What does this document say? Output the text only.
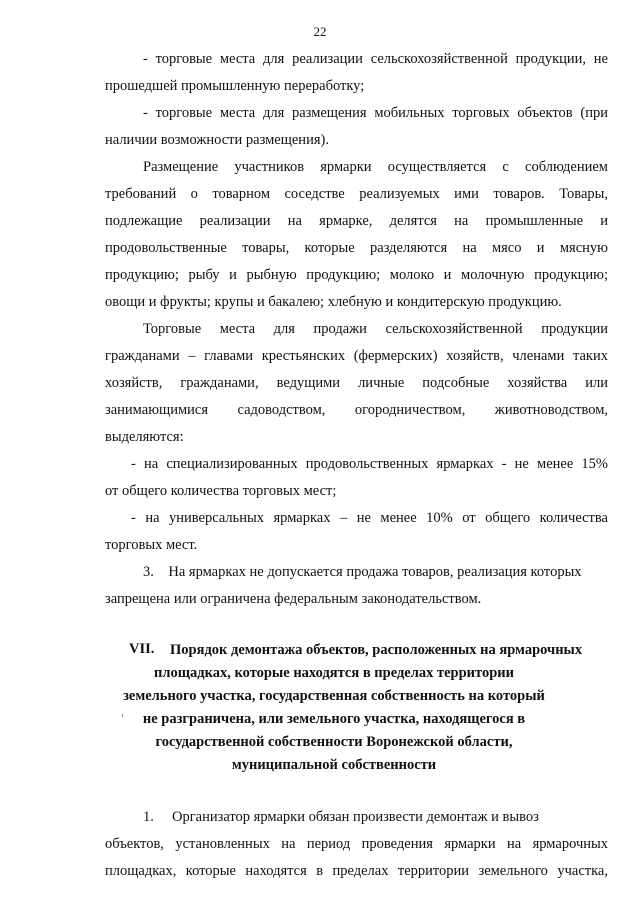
22
- торговые места для реализации сельскохозяйственной продукции, не
прошедшей промышленную переработку;
- торговые места для размещения мобильных торговых объектов (при
наличии возможности размещения).
Размещение участников ярмарки осуществляется с соблюдением
требований о товарном соседстве реализуемых ими товаров. Товары,
подлежащие реализации на ярмарке, делятся на промышленные и
продовольственные товары, которые разделяются на мясо и мясную
продукцию; рыбу и рыбную продукцию; молоко и молочную продукцию;
овощи и фрукты; крупы и бакалею; хлебную и кондитерскую продукцию.
Торговые места для продажи сельскохозяйственной продукции
гражданами – главами крестьянских (фермерских) хозяйств, членами таких
хозяйств, гражданами, ведущими личные подсобные хозяйства или
занимающимися садоводством, огородничеством, животноводством,
выделяются:
- на специализированных продовольственных ярмарках - не менее 15%
от общего количества торговых мест;
- на универсальных ярмарках – не менее 10% от общего количества
торговых мест.
3.    На ярмарках не допускается продажа товаров, реализация которых
запрещена или ограничена федеральным законодательством.
VII. Порядок демонтажа объектов, расположенных на ярмарочных
площадках, которые находятся в пределах территории
земельного участка, государственная собственность на который
не разграничена, или земельного участка, находящегося в
государственной собственности Воронежской области,
муниципальной собственности
1.     Организатор ярмарки обязан произвести демонтаж и вывоз
объектов, установленных на период проведения ярмарки на ярмарочных
площадках, которые находятся в пределах территории земельного участка,
